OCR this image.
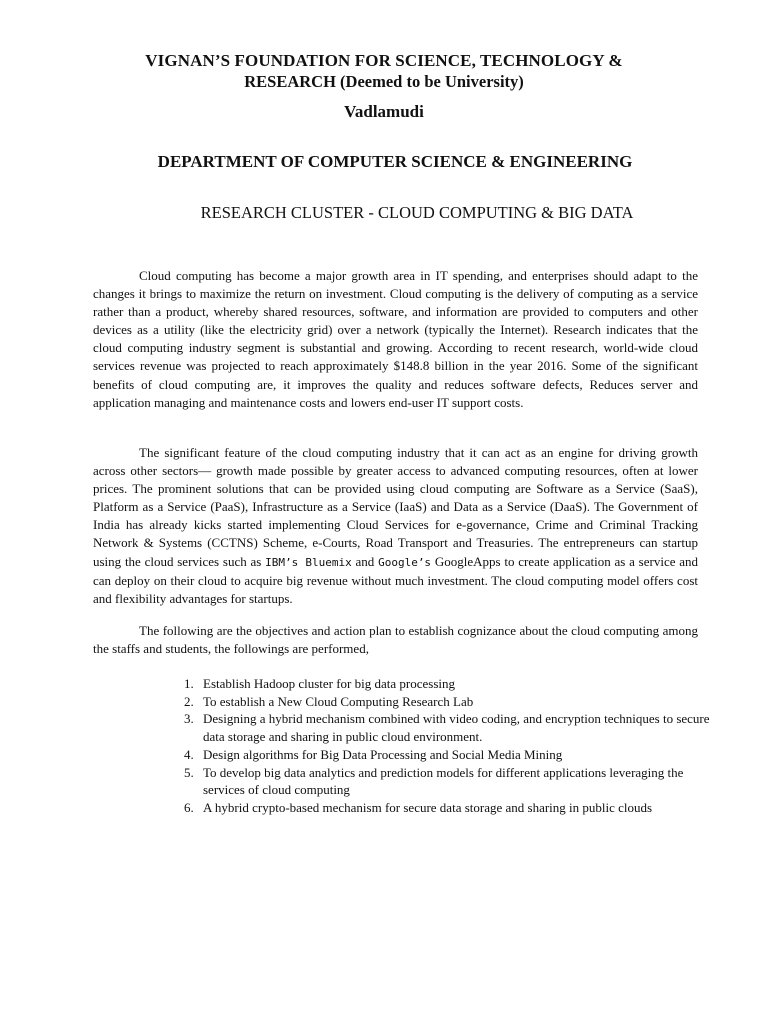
VIGNAN’S FOUNDATION FOR SCIENCE, TECHNOLOGY &
RESEARCH (Deemed to be University)
Vadlamudi
DEPARTMENT OF COMPUTER SCIENCE & ENGINEERING
RESEARCH CLUSTER - CLOUD COMPUTING & BIG DATA

Cloud computing has become a major growth area in IT spending, and enterprises should adapt to the changes it brings to maximize the return on investment. Cloud computing is the delivery of computing as a service rather than a product, whereby shared resources, software, and information are provided to computers and other devices as a utility (like the electricity grid) over a network (typically the Internet). Research indicates that the cloud computing industry segment is substantial and growing. According to recent research, world-wide cloud services revenue was projected to reach approximately $148.8 billion in the year 2016. Some of the significant benefits of cloud computing are, it improves the quality and reduces software defects, Reduces server and application managing and maintenance costs and lowers end-user IT support costs.

The significant feature of the cloud computing industry that it can act as an engine for driving growth across other sectors— growth made possible by greater access to advanced computing resources, often at lower prices. The prominent solutions that can be provided using cloud computing are Software as a Service (SaaS), Platform as a Service (PaaS), Infrastructure as a Service (IaaS) and Data as a Service (DaaS). The Government of India has already kicks started implementing Cloud Services for e-governance, Crime and Criminal Tracking Network & Systems (CCTNS) Scheme, e-Courts, Road Transport and Treasuries. The entrepreneurs can startup using the cloud services such as IBM’s Bluemix and Google’s GoogleApps to create application as a service and can deploy on their cloud to acquire big revenue without much investment. The cloud computing model offers cost and flexibility advantages for startups.

The following are the objectives and action plan to establish cognizance about the cloud computing among the staffs and students, the followings are performed,

1. Establish Hadoop cluster for big data processing
2. To establish a New Cloud Computing Research Lab
3. Designing a hybrid mechanism combined with video coding, and encryption techniques to secure data storage and sharing in public cloud environment.
4. Design algorithms for Big Data Processing and Social Media Mining
5. To develop big data analytics and prediction models for different applications leveraging the services of cloud computing
6. A hybrid crypto-based mechanism for secure data storage and sharing in public clouds
